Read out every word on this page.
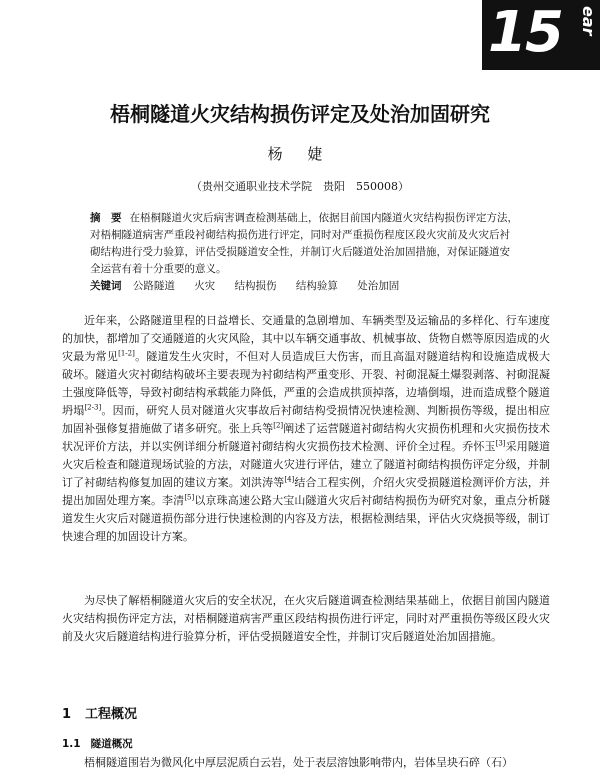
15 ear
梧桐隧道火灾结构损伤评定及处治加固研究
杨 婕
（贵州交通职业技术学院　贵阳　550008）

摘　要 在梧桐隧道火灾后病害调查检测基础上，依据目前国内隧道火灾结构损伤评定方法，对梧桐隧道病害严重段衬砌结构损伤进行评定，同时对严重损伤程度区段火灾前及火灾后衬砌结构进行受力验算，评估受损隧道安全性，并制订火后隧道处治加固措施，对保证隧道安全运营有着十分重要的意义。

关键词 公路隧道 火灾 结构损伤 结构验算 处治加固

近年来，公路隧道里程的日益增长、交通量的急剧增加、车辆类型及运输品的多样化、行车速度的加快，都增加了交通隧道的火灾风险，其中以车辆交通事故、机械事故、货物自燃等原因造成的火灾最为常见[1-2]。隧道发生火灾时，不但对人员造成巨大伤害，而且高温对隧道结构和设施造成极大破坏。隧道火灾衬砌结构破坏主要表现为衬砌结构严重变形、开裂、衬砌混凝土爆裂剥落、衬砌混凝土强度降低等，导致衬砌结构承载能力降低，严重的会造成拱顶掉落，边墙倒塌，进而造成整个隧道坍塌[2-3]。因而，研究人员对隧道火灾事故后衬砌结构受损情况快速检测、判断损伤等级，提出相应加固补强修复措施做了诸多研究。张上兵等[2]阐述了运营隧道衬砌结构火灾损伤机理和火灾损伤技术状况评价方法，并以实例详细分析隧道衬砌结构火灾损伤技术检测、评价全过程。乔怀玉[3]采用隧道火灾后检查和隧道现场试验的方法，对隧道火灾进行评估，建立了隧道衬砌结构损伤评定分级，并制订了衬砌结构修复加固的建议方案。刘洪涛等[4]结合工程实例，介绍火灾受损隧道检测评价方法，并提出加固处理方案。李清[5]以京珠高速公路大宝山隧道火灾后衬砌结构损伤为研究对象，重点分析隧道发生火灾后对隧道损伤部分进行快速检测的内容及方法，根据检测结果，评估火灾烧损等级，制订快速合理的加固设计方案。

为尽快了解梧桐隧道火灾后的安全状况，在火灾后隧道调查检测结果基础上，依据目前国内隧道火灾结构损伤评定方法，对梧桐隧道病害严重区段结构损伤进行评定，同时对严重损伤等级区段火灾前及火灾后隧道结构进行验算分析，评估受损隧道安全性，并制订灾后隧道处治加固措施。

1 工程概况
1.1 隧道概况

梧桐隧道围岩为微风化中厚层泥质白云岩，处于表层溶蚀影响带内，岩体呈块石碎（石）
